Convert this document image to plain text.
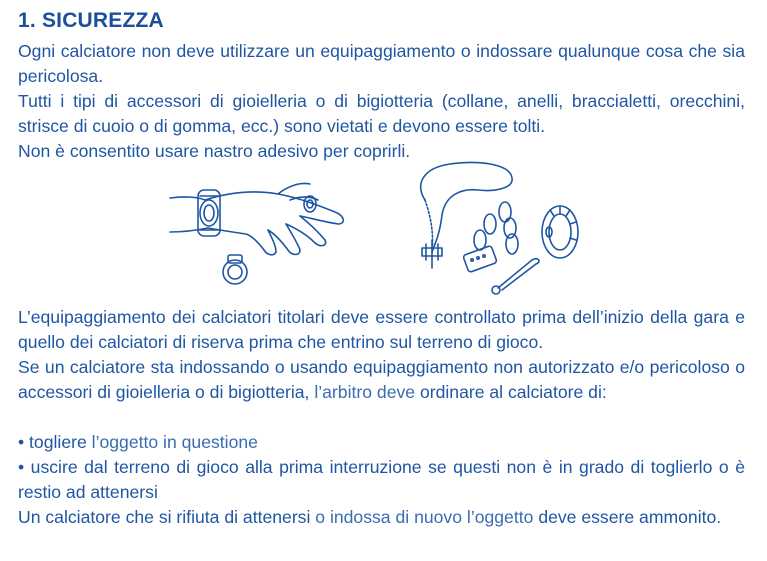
1. SICUREZZA
Ogni calciatore non deve utilizzare un equipaggiamento o indossare qualunque cosa che sia pericolosa.
Tutti i tipi di accessori di gioielleria o di bigiotteria (collane, anelli, braccialetti, orecchini, strisce di cuoio o di gomma, ecc.) sono vietati e devono essere tolti.
Non è consentito usare nastro adesivo per coprirli.
L’equipaggiamento dei calciatori titolari deve essere controllato prima dell’inizio della gara e quello dei calciatori di riserva prima che entrino sul terreno di gioco.
Se un calciatore sta indossando o usando equipaggiamento non autorizzato e/o pericoloso o accessori di gioielleria o di bigiotteria, l’arbitro deve ordinare al calciatore di:
• togliere l’oggetto in questione
• uscire dal terreno di gioco alla prima interruzione se questi non è in grado di toglierlo o è restio ad attenersi
Un calciatore che si rifiuta di attenersi o indossa di nuovo l’oggetto deve essere ammonito.
